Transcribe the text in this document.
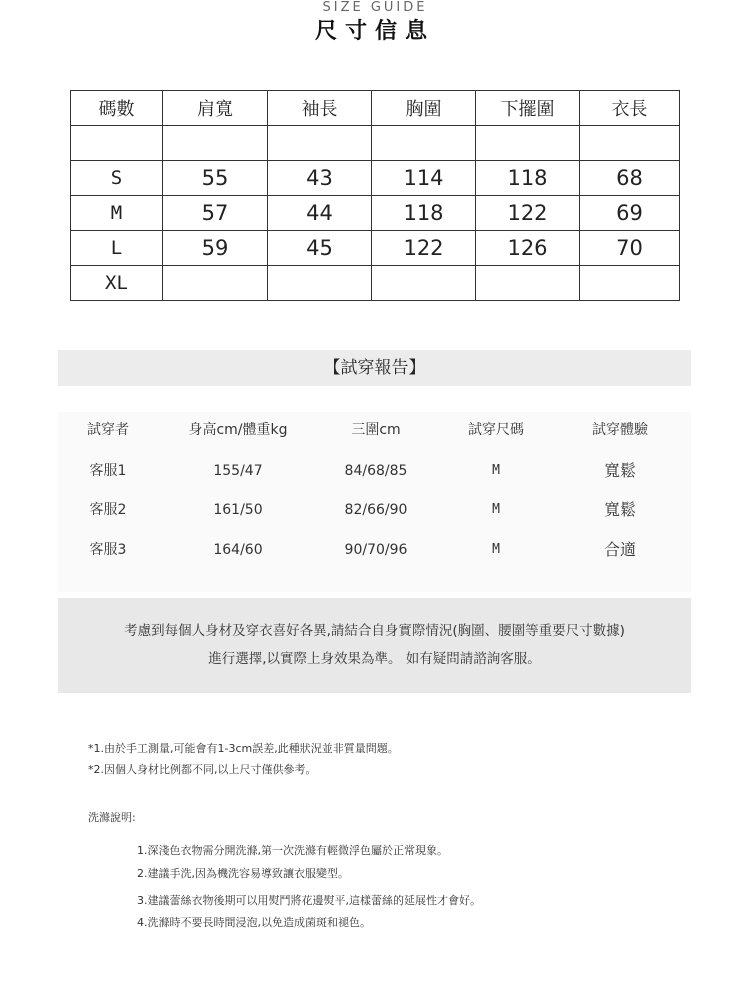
SIZE GUIDE
尺寸信息
碼數	肩寬	袖長	胸圍	下擺圍	衣長

S	55	43	114	118	68
M	57	44	118	122	69
L	59	45	122	126	70
XL					
【試穿報告】
試穿者	身高cm/體重kg	三圍cm	試穿尺碼	試穿體驗
客服1	155/47	84/68/85	M	寬鬆
客服2	161/50	82/66/90	M	寬鬆
客服3	164/60	90/70/96	M	合適
考慮到每個人身材及穿衣喜好各異,請結合自身實際情況(胸圍、腰圍等重要尺寸數據)
進行選擇,以實際上身效果為準。 如有疑問請諮詢客服。
*1.由於手工測量,可能會有1-3cm誤差,此種狀況並非質量問題。
*2.因個人身材比例都不同,以上尺寸僅供參考。
洗滌說明:
1.深淺色衣物需分開洗滌,第一次洗滌有輕微浮色屬於正常現象。
2.建議手洗,因為機洗容易導致讓衣服變型。
3.建議蕾絲衣物後期可以用熨鬥將花邊熨平,這樣蕾絲的延展性才會好。
4.洗滌時不要長時間浸泡,以免造成菌斑和褪色。
